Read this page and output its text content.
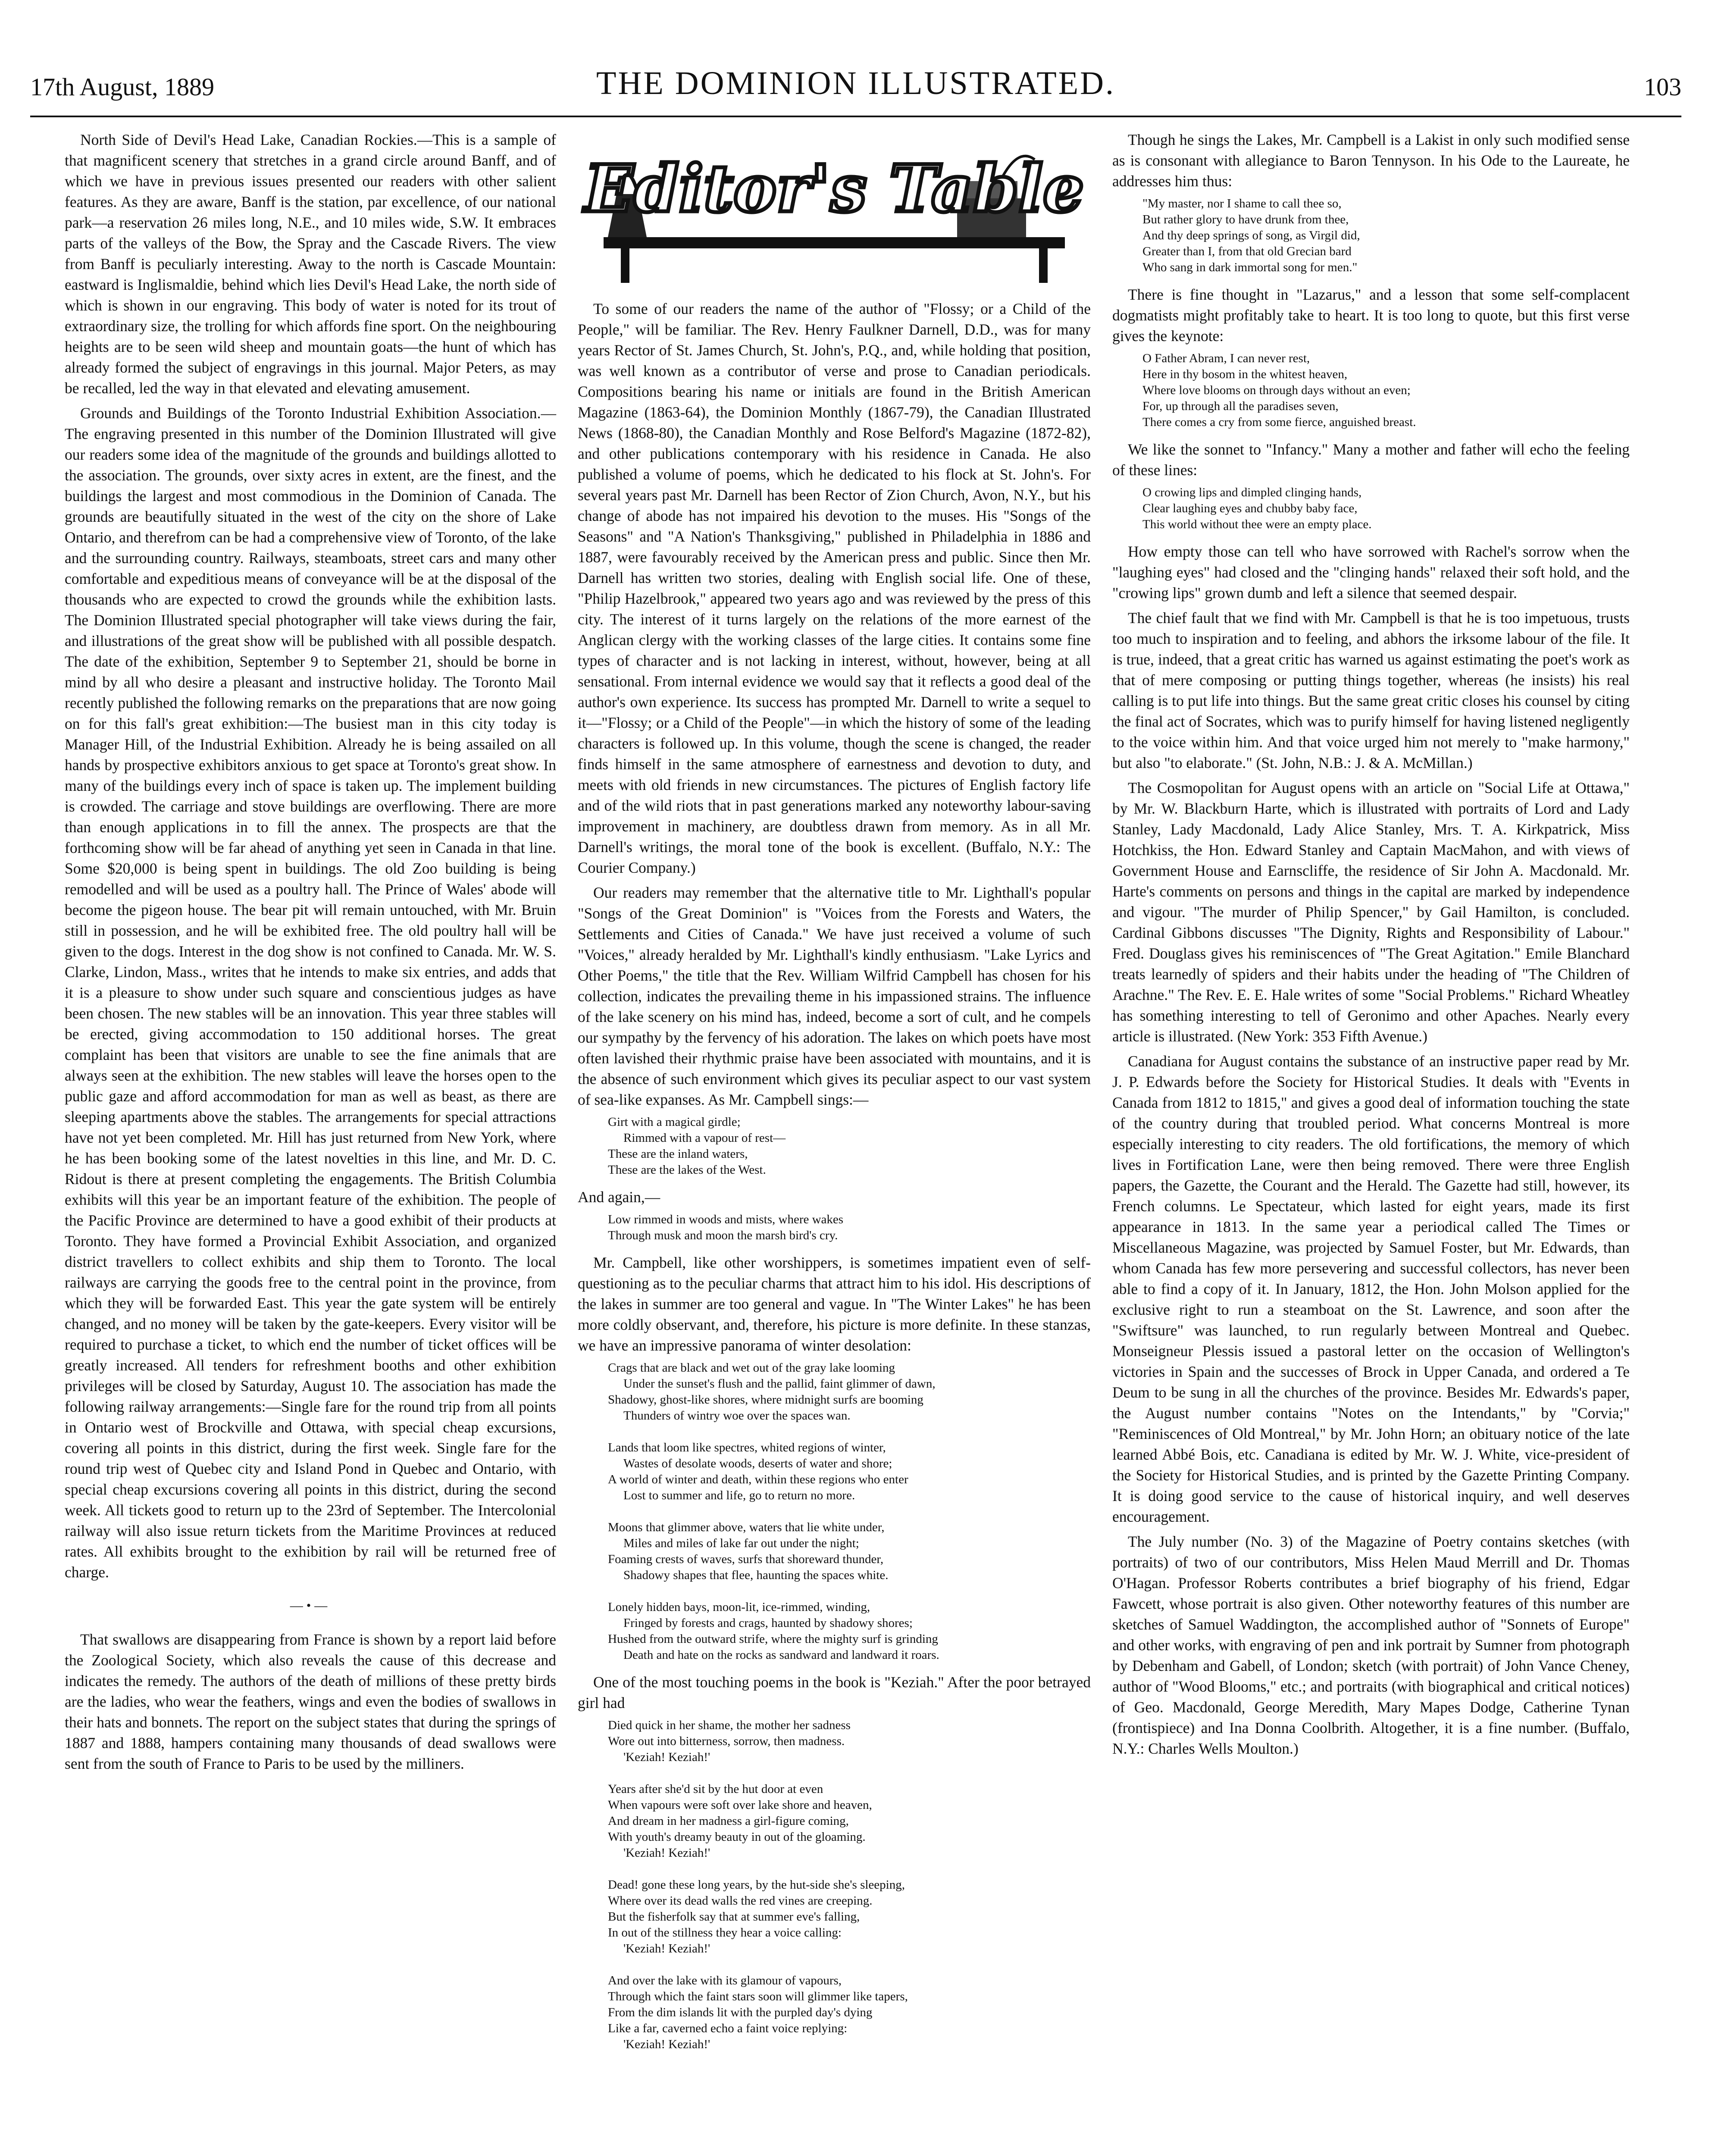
17th August, 1889	THE DOMINION ILLUSTRATED.	103

North Side of Devil's Head Lake, Canadian Rockies.—This is a sample of that magnificent scenery that stretches in a grand circle around Banff, and of which we have in previous issues presented our readers with other salient features. As they are aware, Banff is the station, par excellence, of our national park—a reservation 26 miles long, N.E., and 10 miles wide, S.W. It embraces parts of the valleys of the Bow, the Spray and the Cascade Rivers. The view from Banff is peculiarly interesting. Away to the north is Cascade Mountain: eastward is Inglismaldie, behind which lies Devil's Head Lake, the north side of which is shown in our engraving. This body of water is noted for its trout of extraordinary size, the trolling for which affords fine sport. On the neighbouring heights are to be seen wild sheep and mountain goats—the hunt of which has already formed the subject of engravings in this journal. Major Peters, as may be recalled, led the way in that elevated and elevating amusement.

Grounds and Buildings of the Toronto Industrial Exhibition Association.—The engraving presented in this number of the Dominion Illustrated will give our readers some idea of the magnitude of the grounds and buildings allotted to the association. The grounds, over sixty acres in extent, are the finest, and the buildings the largest and most commodious in the Dominion of Canada. The grounds are beautifully situated in the west of the city on the shore of Lake Ontario, and therefrom can be had a comprehensive view of Toronto, of the lake and the surrounding country. Railways, steamboats, street cars and many other comfortable and expeditious means of conveyance will be at the disposal of the thousands who are expected to crowd the grounds while the exhibition lasts. The Dominion Illustrated special photographer will take views during the fair, and illustrations of the great show will be published with all possible despatch. The date of the exhibition, September 9 to September 21, should be borne in mind by all who desire a pleasant and instructive holiday. The Toronto Mail recently published the following remarks on the preparations that are now going on for this fall's great exhibition:—The busiest man in this city today is Manager Hill, of the Industrial Exhibition. Already he is being assailed on all hands by prospective exhibitors anxious to get space at Toronto's great show. In many of the buildings every inch of space is taken up. The implement building is crowded. The carriage and stove buildings are overflowing. There are more than enough applications in to fill the annex. The prospects are that the forthcoming show will be far ahead of anything yet seen in Canada in that line. Some $20,000 is being spent in buildings. The old Zoo building is being remodelled and will be used as a poultry hall. The Prince of Wales' abode will become the pigeon house. The bear pit will remain untouched, with Mr. Bruin still in possession, and he will be exhibited free. The old poultry hall will be given to the dogs. Interest in the dog show is not confined to Canada. Mr. W. S. Clarke, Lindon, Mass., writes that he intends to make six entries, and adds that it is a pleasure to show under such square and conscientious judges as have been chosen. The new stables will be an innovation. This year three stables will be erected, giving accommodation to 150 additional horses. The great complaint has been that visitors are unable to see the fine animals that are always seen at the exhibition. The new stables will leave the horses open to the public gaze and afford accommodation for man as well as beast, as there are sleeping apartments above the stables. The arrangements for special attractions have not yet been completed. Mr. Hill has just returned from New York, where he has been booking some of the latest novelties in this line, and Mr. D. C. Ridout is there at present completing the engagements. The British Columbia exhibits will this year be an important feature of the exhibition. The people of the Pacific Province are determined to have a good exhibit of their products at Toronto. They have formed a Provincial Exhibit Association, and organized district travellers to collect exhibits and ship them to Toronto. The local railways are carrying the goods free to the central point in the province, from which they will be forwarded East. This year the gate system will be entirely changed, and no money will be taken by the gate-keepers. Every visitor will be required to purchase a ticket, to which end the number of ticket offices will be greatly increased. All tenders for refreshment booths and other exhibition privileges will be closed by Saturday, August 10. The association has made the following railway arrangements:—Single fare for the round trip from all points in Ontario west of Brockville and Ottawa, with special cheap excursions, covering all points in this district, during the first week. Single fare for the round trip west of Quebec city and Island Pond in Quebec and Ontario, with special cheap excursions covering all points in this district, during the second week. All tickets good to return up to the 23rd of September. The Intercolonial railway will also issue return tickets from the Maritime Provinces at reduced rates. All exhibits brought to the exhibition by rail will be returned free of charge.

—•—

That swallows are disappearing from France is shown by a report laid before the Zoological Society, which also reveals the cause of this decrease and indicates the remedy. The authors of the death of millions of these pretty birds are the ladies, who wear the feathers, wings and even the bodies of swallows in their hats and bonnets. The report on the subject states that during the springs of 1887 and 1888, hampers containing many thousands of dead swallows were sent from the south of France to Paris to be used by the milliners.

Editor's Table

To some of our readers the name of the author of "Flossy; or a Child of the People," will be familiar. The Rev. Henry Faulkner Darnell, D.D., was for many years Rector of St. James Church, St. John's, P.Q., and, while holding that position, was well known as a contributor of verse and prose to Canadian periodicals. Compositions bearing his name or initials are found in the British American Magazine (1863-64), the Dominion Monthly (1867-79), the Canadian Illustrated News (1868-80), the Canadian Monthly and Rose Belford's Magazine (1872-82), and other publications contemporary with his residence in Canada. He also published a volume of poems, which he dedicated to his flock at St. John's. For several years past Mr. Darnell has been Rector of Zion Church, Avon, N.Y., but his change of abode has not impaired his devotion to the muses. His "Songs of the Seasons" and "A Nation's Thanksgiving," published in Philadelphia in 1886 and 1887, were favourably received by the American press and public. Since then Mr. Darnell has written two stories, dealing with English social life. One of these, "Philip Hazelbrook," appeared two years ago and was reviewed by the press of this city. The interest of it turns largely on the relations of the more earnest of the Anglican clergy with the working classes of the large cities. It contains some fine types of character and is not lacking in interest, without, however, being at all sensational. From internal evidence we would say that it reflects a good deal of the author's own experience. Its success has prompted Mr. Darnell to write a sequel to it—"Flossy; or a Child of the People"—in which the history of some of the leading characters is followed up. In this volume, though the scene is changed, the reader finds himself in the same atmosphere of earnestness and devotion to duty, and meets with old friends in new circumstances. The pictures of English factory life and of the wild riots that in past generations marked any noteworthy labour-saving improvement in machinery, are doubtless drawn from memory. As in all Mr. Darnell's writings, the moral tone of the book is excellent. (Buffalo, N.Y.: The Courier Company.)

Our readers may remember that the alternative title to Mr. Lighthall's popular "Songs of the Great Dominion" is "Voices from the Forests and Waters, the Settlements and Cities of Canada." We have just received a volume of such "Voices," already heralded by Mr. Lighthall's kindly enthusiasm. "Lake Lyrics and Other Poems," the title that the Rev. William Wilfrid Campbell has chosen for his collection, indicates the prevailing theme in his impassioned strains. The influence of the lake scenery on his mind has, indeed, become a sort of cult, and he compels our sympathy by the fervency of his adoration. The lakes on which poets have most often lavished their rhythmic praise have been associated with mountains, and it is the absence of such environment which gives its peculiar aspect to our vast system of sea-like expanses. As Mr. Campbell sings:—

Girt with a magical girdle;
Rimmed with a vapour of rest—
These are the inland waters,
These are the lakes of the West.

And again,—

Low rimmed in woods and mists, where wakes
Through musk and moon the marsh bird's cry.

Mr. Campbell, like other worshippers, is sometimes impatient even of self-questioning as to the peculiar charms that attract him to his idol. His descriptions of the lakes in summer are too general and vague. In "The Winter Lakes" he has been more coldly observant, and, therefore, his picture is more definite. In these stanzas, we have an impressive panorama of winter desolation:

Crags that are black and wet out of the gray lake looming
Under the sunset's flush and the pallid, faint glimmer of dawn,
Shadowy, ghost-like shores, where midnight surfs are booming
Thunders of wintry woe over the spaces wan.

Lands that loom like spectres, whited regions of winter,
Wastes of desolate woods, deserts of water and shore;
A world of winter and death, within these regions who enter
Lost to summer and life, go to return no more.

Moons that glimmer above, waters that lie white under,
Miles and miles of lake far out under the night;
Foaming crests of waves, surfs that shoreward thunder,
Shadowy shapes that flee, haunting the spaces white.

Lonely hidden bays, moon-lit, ice-rimmed, winding,
Fringed by forests and crags, haunted by shadowy shores;
Hushed from the outward strife, where the mighty surf is grinding
Death and hate on the rocks as sandward and landward it roars.

One of the most touching poems in the book is "Keziah." After the poor betrayed girl had

Died quick in her shame, the mother her sadness
Wore out into bitterness, sorrow, then madness.
'Keziah! Keziah!'

Years after she'd sit by the hut door at even
When vapours were soft over lake shore and heaven,
And dream in her madness a girl-figure coming,
With youth's dreamy beauty in out of the gloaming.
'Keziah! Keziah!'

Dead! gone these long years, by the hut-side she's sleeping,
Where over its dead walls the red vines are creeping.
But the fisherfolk say that at summer eve's falling,
In out of the stillness they hear a voice calling:
'Keziah! Keziah!'

And over the lake with its glamour of vapours,
Through which the faint stars soon will glimmer like tapers,
From the dim islands lit with the purpled day's dying
Like a far, caverned echo a faint voice replying:
'Keziah! Keziah!'

Though he sings the Lakes, Mr. Campbell is a Lakist in only such modified sense as is consonant with allegiance to Baron Tennyson. In his Ode to the Laureate, he addresses him thus:

"My master, nor I shame to call thee so,
But rather glory to have drunk from thee,
And thy deep springs of song, as Virgil did,
Greater than I, from that old Grecian bard
Who sang in dark immortal song for men."

There is fine thought in "Lazarus," and a lesson that some self-complacent dogmatists might profitably take to heart. It is too long to quote, but this first verse gives the keynote:

O Father Abram, I can never rest,
Here in thy bosom in the whitest heaven,
Where love blooms on through days without an even;
For, up through all the paradises seven,
There comes a cry from some fierce, anguished breast.

We like the sonnet to "Infancy." Many a mother and father will echo the feeling of these lines:

O crowing lips and dimpled clinging hands,
Clear laughing eyes and chubby baby face,
This world without thee were an empty place.

How empty those can tell who have sorrowed with Rachel's sorrow when the "laughing eyes" had closed and the "clinging hands" relaxed their soft hold, and the "crowing lips" grown dumb and left a silence that seemed despair.

The chief fault that we find with Mr. Campbell is that he is too impetuous, trusts too much to inspiration and to feeling, and abhors the irksome labour of the file. It is true, indeed, that a great critic has warned us against estimating the poet's work as that of mere composing or putting things together, whereas (he insists) his real calling is to put life into things. But the same great critic closes his counsel by citing the final act of Socrates, which was to purify himself for having listened negligently to the voice within him. And that voice urged him not merely to "make harmony," but also "to elaborate." (St. John, N.B.: J. & A. McMillan.)

The Cosmopolitan for August opens with an article on "Social Life at Ottawa," by Mr. W. Blackburn Harte, which is illustrated with portraits of Lord and Lady Stanley, Lady Macdonald, Lady Alice Stanley, Mrs. T. A. Kirkpatrick, Miss Hotchkiss, the Hon. Edward Stanley and Captain MacMahon, and with views of Government House and Earnscliffe, the residence of Sir John A. Macdonald. Mr. Harte's comments on persons and things in the capital are marked by independence and vigour. "The murder of Philip Spencer," by Gail Hamilton, is concluded. Cardinal Gibbons discusses "The Dignity, Rights and Responsibility of Labour." Fred. Douglass gives his reminiscences of "The Great Agitation." Emile Blanchard treats learnedly of spiders and their habits under the heading of "The Children of Arachne." The Rev. E. E. Hale writes of some "Social Problems." Richard Wheatley has something interesting to tell of Geronimo and other Apaches. Nearly every article is illustrated. (New York: 353 Fifth Avenue.)

Canadiana for August contains the substance of an instructive paper read by Mr. J. P. Edwards before the Society for Historical Studies. It deals with "Events in Canada from 1812 to 1815," and gives a good deal of information touching the state of the country during that troubled period. What concerns Montreal is more especially interesting to city readers. The old fortifications, the memory of which lives in Fortification Lane, were then being removed. There were three English papers, the Gazette, the Courant and the Herald. The Gazette had still, however, its French columns. Le Spectateur, which lasted for eight years, made its first appearance in 1813. In the same year a periodical called The Times or Miscellaneous Magazine, was projected by Samuel Foster, but Mr. Edwards, than whom Canada has few more persevering and successful collectors, has never been able to find a copy of it. In January, 1812, the Hon. John Molson applied for the exclusive right to run a steamboat on the St. Lawrence, and soon after the "Swiftsure" was launched, to run regularly between Montreal and Quebec. Monseigneur Plessis issued a pastoral letter on the occasion of Wellington's victories in Spain and the successes of Brock in Upper Canada, and ordered a Te Deum to be sung in all the churches of the province. Besides Mr. Edwards's paper, the August number contains "Notes on the Intendants," by "Corvia;" "Reminiscences of Old Montreal," by Mr. John Horn; an obituary notice of the late learned Abbé Bois, etc. Canadiana is edited by Mr. W. J. White, vice-president of the Society for Historical Studies, and is printed by the Gazette Printing Company. It is doing good service to the cause of historical inquiry, and well deserves encouragement.

The July number (No. 3) of the Magazine of Poetry contains sketches (with portraits) of two of our contributors, Miss Helen Maud Merrill and Dr. Thomas O'Hagan. Professor Roberts contributes a brief biography of his friend, Edgar Fawcett, whose portrait is also given. Other noteworthy features of this number are sketches of Samuel Waddington, the accomplished author of "Sonnets of Europe" and other works, with engraving of pen and ink portrait by Sumner from photograph by Debenham and Gabell, of London; sketch (with portrait) of John Vance Cheney, author of "Wood Blooms," etc.; and portraits (with biographical and critical notices) of Geo. Macdonald, George Meredith, Mary Mapes Dodge, Catherine Tynan (frontispiece) and Ina Donna Coolbrith. Altogether, it is a fine number. (Buffalo, N.Y.: Charles Wells Moulton.)
